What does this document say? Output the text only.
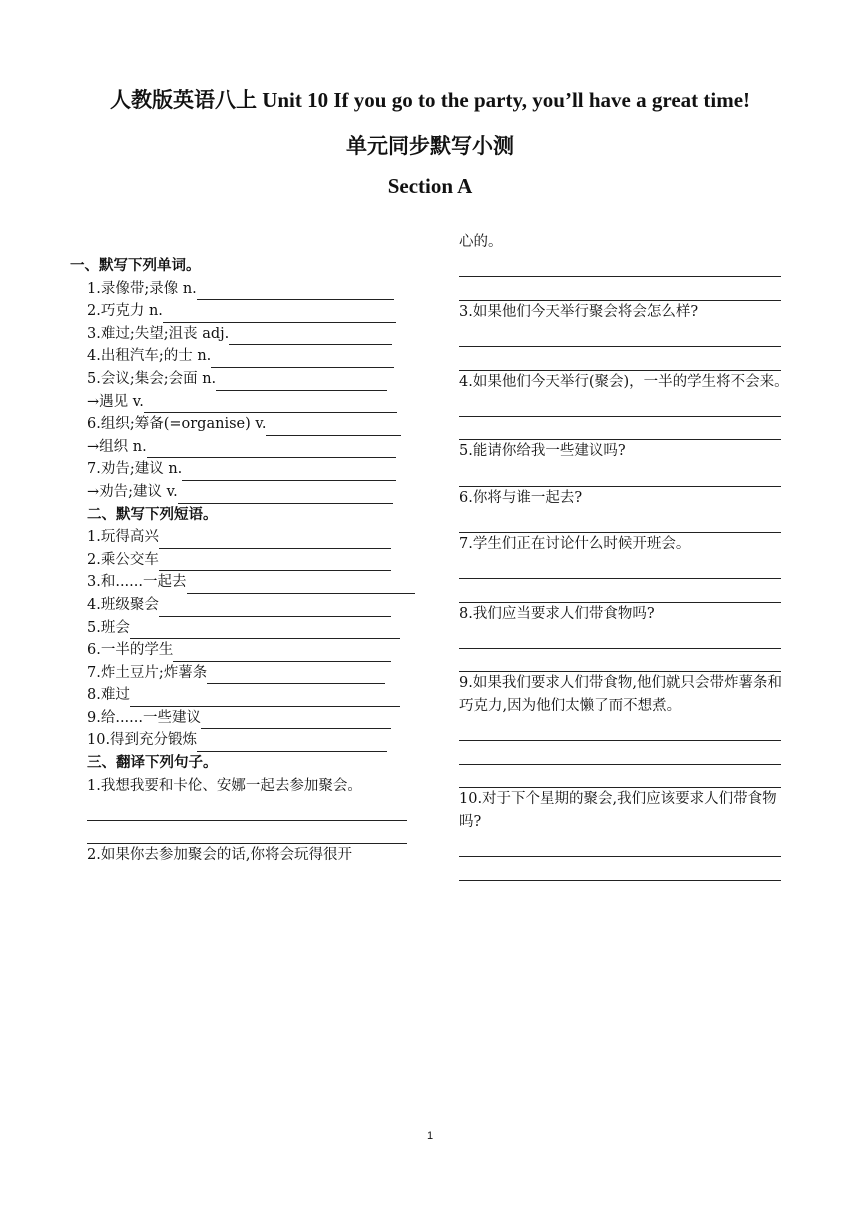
人教版英语八上 Unit 10 If you go to the party, you’ll have a great time!
单元同步默写小测
Section A
一、默写下列单词。
1.录像带;录像 n.
2.巧克力 n.
3.难过;失望;沮丧 adj.
4.出租汽车;的士 n.
5.会议;集会;会面 n.
→遇见 v.
6.组织;筹备(=organise) v.
→组织 n.
7.劝告;建议 n.
→劝告;建议 v.
二、默写下列短语。
1.玩得高兴
2.乘公交车
3.和......一起去
4.班级聚会
5.班会
6.一半的学生
7.炸土豆片;炸薯条
8.难过
9.给......一些建议
10.得到充分锻炼
三、翻译下列句子。
1.我想我要和卡伦、安娜一起去参加聚会。
2.如果你去参加聚会的话,你将会玩得很开
心的。
3.如果他们今天举行聚会将会怎么样?
4.如果他们今天举行(聚会)，一半的学生将不会来。
5.能请你给我一些建议吗?
6.你将与谁一起去?
7.学生们正在讨论什么时候开班会。
8.我们应当要求人们带食物吗?
9.如果我们要求人们带食物,他们就只会带炸薯条和巧克力,因为他们太懒了而不想煮。
10.对于下个星期的聚会,我们应该要求人们带食物吗?
1
